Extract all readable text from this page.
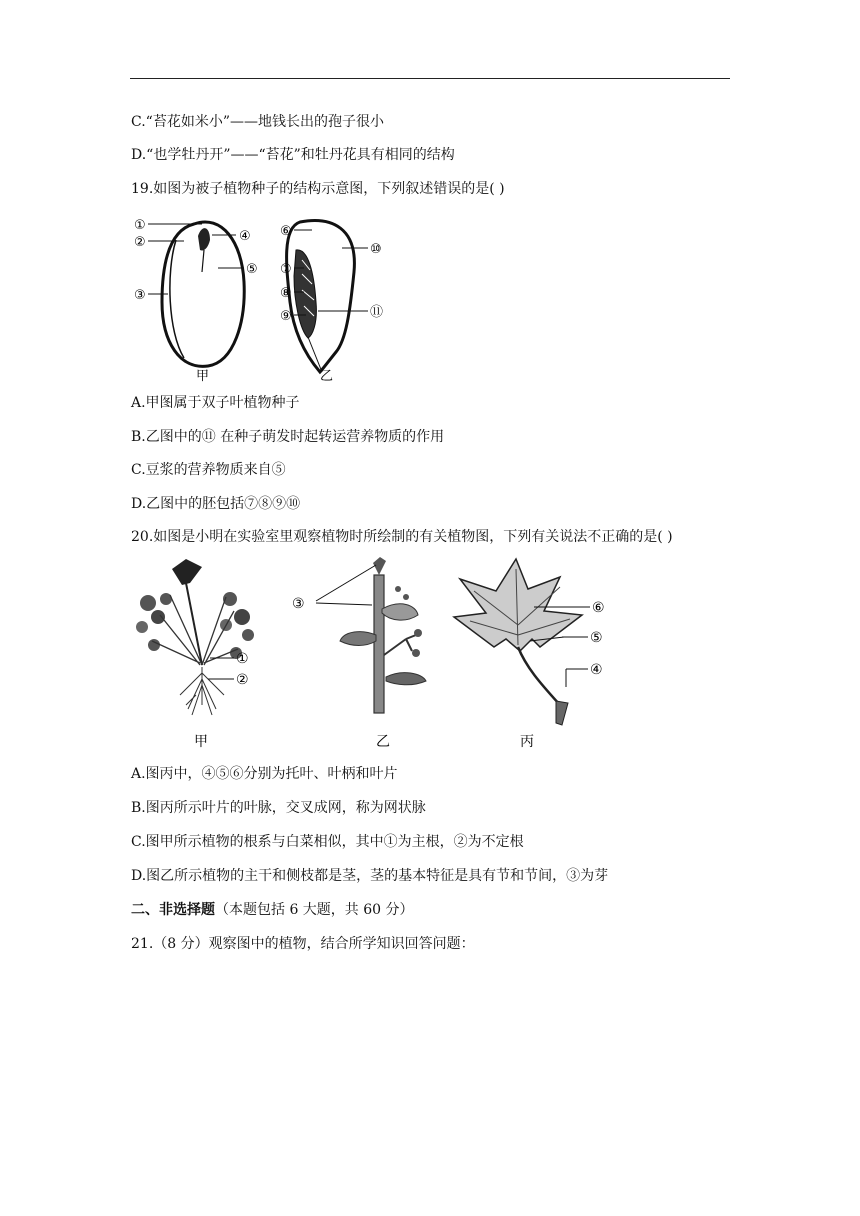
C.“苔花如米小”——地钱长出的孢子很小
D.“也学牡丹开”——“苔花”和牡丹花具有相同的结构
19.如图为被子植物种子的结构示意图，下列叙述错误的是( )
①
②
③
④
⑤
甲
⑥
⑦
⑧
⑨
⑩
⑪
乙
A.甲图属于双子叶植物种子
B.乙图中的⑪ 在种子萌发时起转运营养物质的作用
C.豆浆的营养物质来自⑤
D.乙图中的胚包括⑦⑧⑨⑩
20.如图是小明在实验室里观察植物时所绘制的有关植物图，下列有关说法不正确的是( )
①
②
甲
③
乙
⑥
⑤
④
丙
A.图丙中，④⑤⑥分别为托叶、叶柄和叶片
B.图丙所示叶片的叶脉，交叉成网，称为网状脉
C.图甲所示植物的根系与白菜相似，其中①为主根，②为不定根
D.图乙所示植物的主干和侧枝都是茎，茎的基本特征是具有节和节间，③为芽
二、非选择题（本题包括 6 大题，共 60 分）
21.（8 分）观察图中的植物，结合所学知识回答问题：
